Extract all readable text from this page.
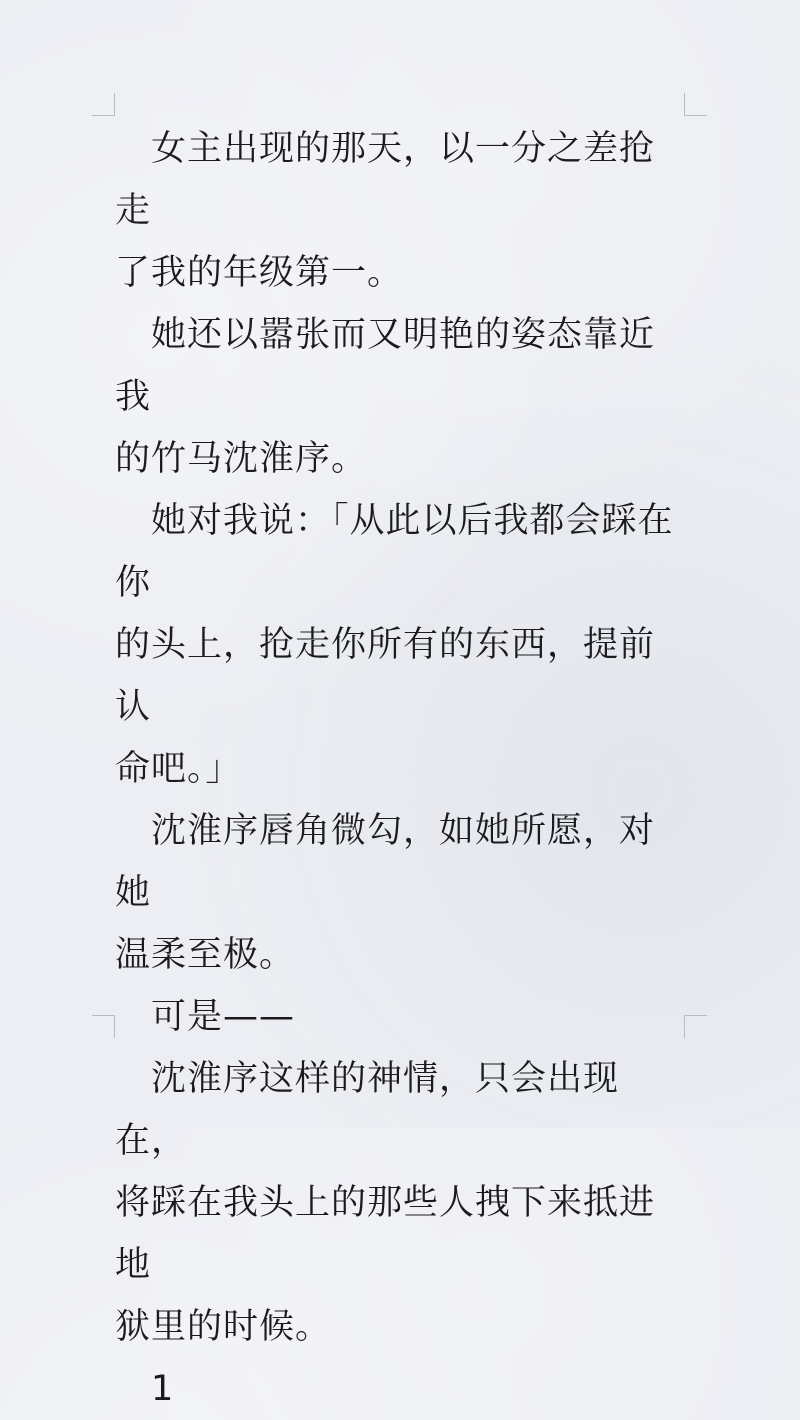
女主出现的那天，以一分之差抢走
了我的年级第一。

她还以嚣张而又明艳的姿态靠近我
的竹马沈淮序。

她对我说：「从此以后我都会踩在你
的头上，抢走你所有的东西，提前认
命吧。」

沈淮序唇角微勾，如她所愿，对她
温柔至极。

可是——

沈淮序这样的神情，只会出现在，
将踩在我头上的那些人拽下来抵进地
狱里的时候。

1
